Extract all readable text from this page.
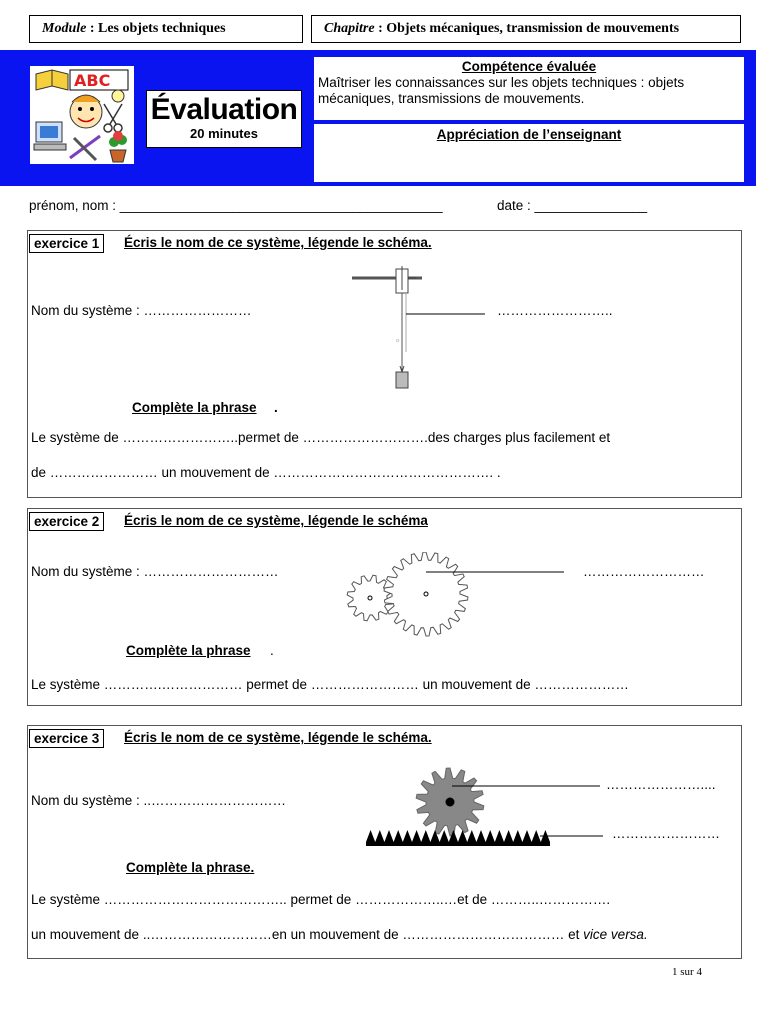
Module : Les objets techniques	Chapitre : Objets mécaniques, transmission de mouvements
ABC
Évaluation
20 minutes
Compétence évaluée
Maîtriser les connaissances sur les objets techniques : objets mécaniques, transmissions de mouvements.
Appréciation de l’enseignant
prénom, nom : ___________________________________________	date : _______________
exercice 1	Écris le nom de ce système, légende le schéma.
Nom du système : ……………………
☼
……………………..
Complète la phrase .
Le système de ……………………..permet de ……………………….des charges plus facilement et
de …………………… un mouvement de …………………………………………. .
exercice 2	Écris le nom de ce système, légende le schéma
Nom du système : …………………………	………………………
Complète la phrase .
Le système ………….……………… permet de …………………… un mouvement de …………………
exercice 3	Écris le nom de ce système, légende le schéma.
Nom du système : ..…………………………
…………………....
……………………
Complète la phrase.
Le système ………………………………….. permet de ………………..…et de ………..…………….
un mouvement de ..………………………en un mouvement de ……………………………… et vice versa.
1 sur 4
